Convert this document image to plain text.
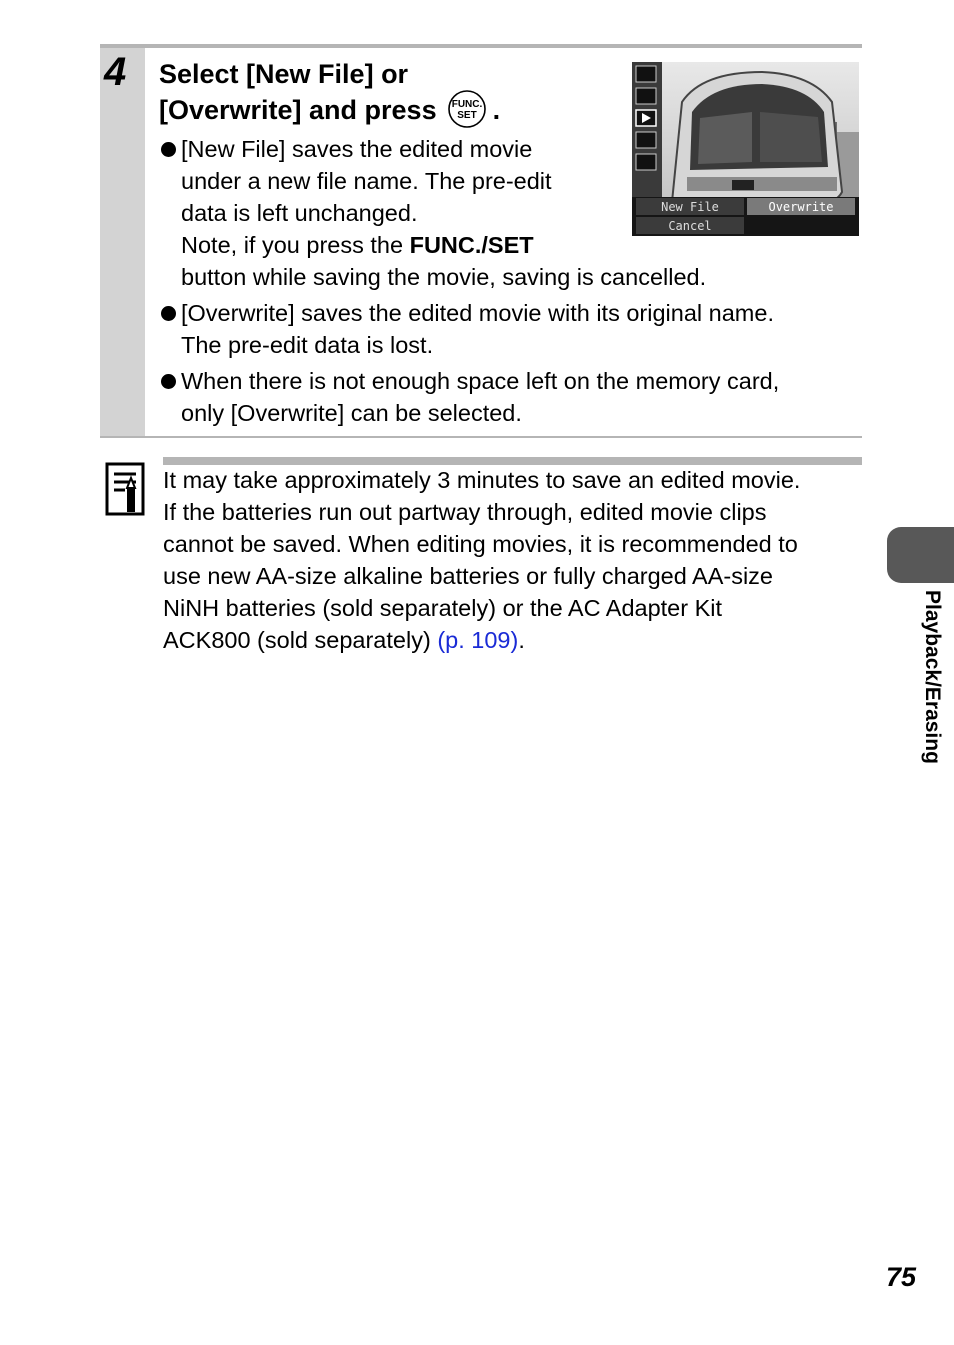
4 Select [New File] or
[Overwrite] and press FUNC.
SET .
[New File] saves the edited movie
under a new file name. The pre-edit
data is left unchanged.
Note, if you press the FUNC./SET
button while saving the movie, saving is cancelled.
[Overwrite] saves the edited movie with its original name.
The pre-edit data is lost.
When there is not enough space left on the memory card,
only [Overwrite] can be selected.
New File	Overwrite
Cancel
It may take approximately 3 minutes to save an edited movie.
If the batteries run out partway through, edited movie clips
cannot be saved. When editing movies, it is recommended to
use new AA-size alkaline batteries or fully charged AA-size
NiNH batteries (sold separately) or the AC Adapter Kit
ACK800 (sold separately) (p. 109).	Playback/Erasing
75
